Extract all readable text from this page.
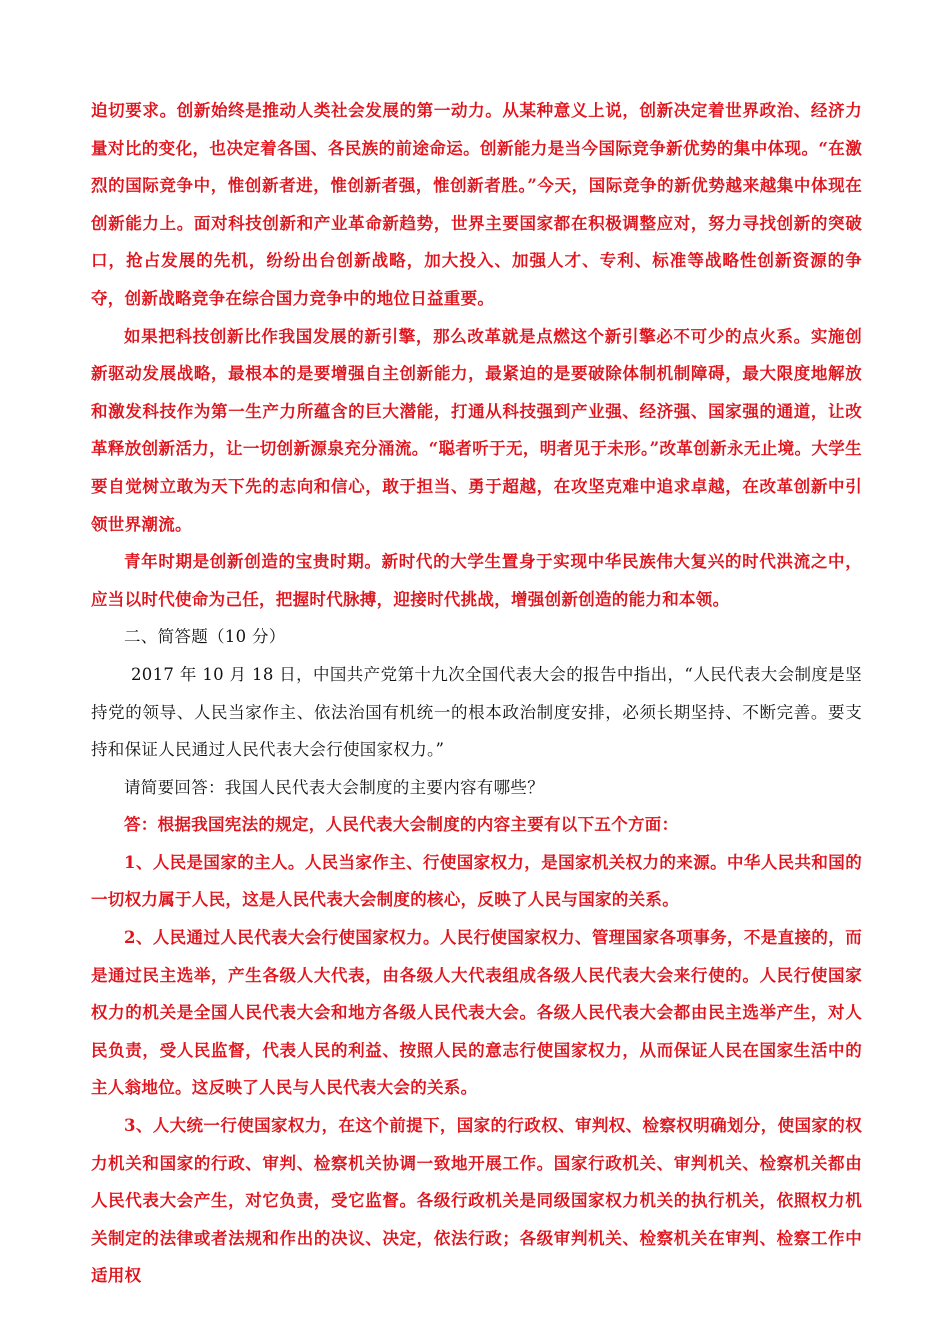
迫切要求。创新始终是推动人类社会发展的第一动力。从某种意义上说，创新决定着世界政治、经济力量对比的变化，也决定着各国、各民族的前途命运。创新能力是当今国际竞争新优势的集中体现。“在激烈的国际竞争中，惟创新者进，惟创新者强，惟创新者胜。”今天，国际竞争的新优势越来越集中体现在创新能力上。面对科技创新和产业革命新趋势，世界主要国家都在积极调整应对，努力寻找创新的突破口，抢占发展的先机，纷纷出台创新战略，加大投入、加强人才、专利、标准等战略性创新资源的争夺，创新战略竞争在综合国力竞争中的地位日益重要。

如果把科技创新比作我国发展的新引擎，那么改革就是点燃这个新引擎必不可少的点火系。实施创新驱动发展战略，最根本的是要增强自主创新能力，最紧迫的是要破除体制机制障碍，最大限度地解放和激发科技作为第一生产力所蕴含的巨大潜能，打通从科技强到产业强、经济强、国家强的通道，让改革释放创新活力，让一切创新源泉充分涌流。“聪者听于无，明者见于未形。”改革创新永无止境。大学生要自觉树立敢为天下先的志向和信心，敢于担当、勇于超越，在攻坚克难中追求卓越，在改革创新中引领世界潮流。

青年时期是创新创造的宝贵时期。新时代的大学生置身于实现中华民族伟大复兴的时代洪流之中，应当以时代使命为己任，把握时代脉搏，迎接时代挑战，增强创新创造的能力和本领。

二、简答题（10 分）

2017 年 10 月 18 日，中国共产党第十九次全国代表大会的报告中指出，“人民代表大会制度是坚持党的领导、人民当家作主、依法治国有机统一的根本政治制度安排，必须长期坚持、不断完善。要支持和保证人民通过人民代表大会行使国家权力。”

请简要回答：我国人民代表大会制度的主要内容有哪些？

答：根据我国宪法的规定，人民代表大会制度的内容主要有以下五个方面：

1、人民是国家的主人。人民当家作主、行使国家权力，是国家机关权力的来源。中华人民共和国的一切权力属于人民，这是人民代表大会制度的核心，反映了人民与国家的关系。

2、人民通过人民代表大会行使国家权力。人民行使国家权力、管理国家各项事务，不是直接的，而是通过民主选举，产生各级人大代表，由各级人大代表组成各级人民代表大会来行使的。人民行使国家权力的机关是全国人民代表大会和地方各级人民代表大会。各级人民代表大会都由民主选举产生，对人民负责，受人民监督，代表人民的利益、按照人民的意志行使国家权力，从而保证人民在国家生活中的主人翁地位。这反映了人民与人民代表大会的关系。

3、人大统一行使国家权力，在这个前提下，国家的行政权、审判权、检察权明确划分，使国家的权力机关和国家的行政、审判、检察机关协调一致地开展工作。国家行政机关、审判机关、检察机关都由人民代表大会产生，对它负责，受它监督。各级行政机关是同级国家权力机关的执行机关，依照权力机关制定的法律或者法规和作出的决议、决定，依法行政；各级审判机关、检察机关在审判、检察工作中适用权
